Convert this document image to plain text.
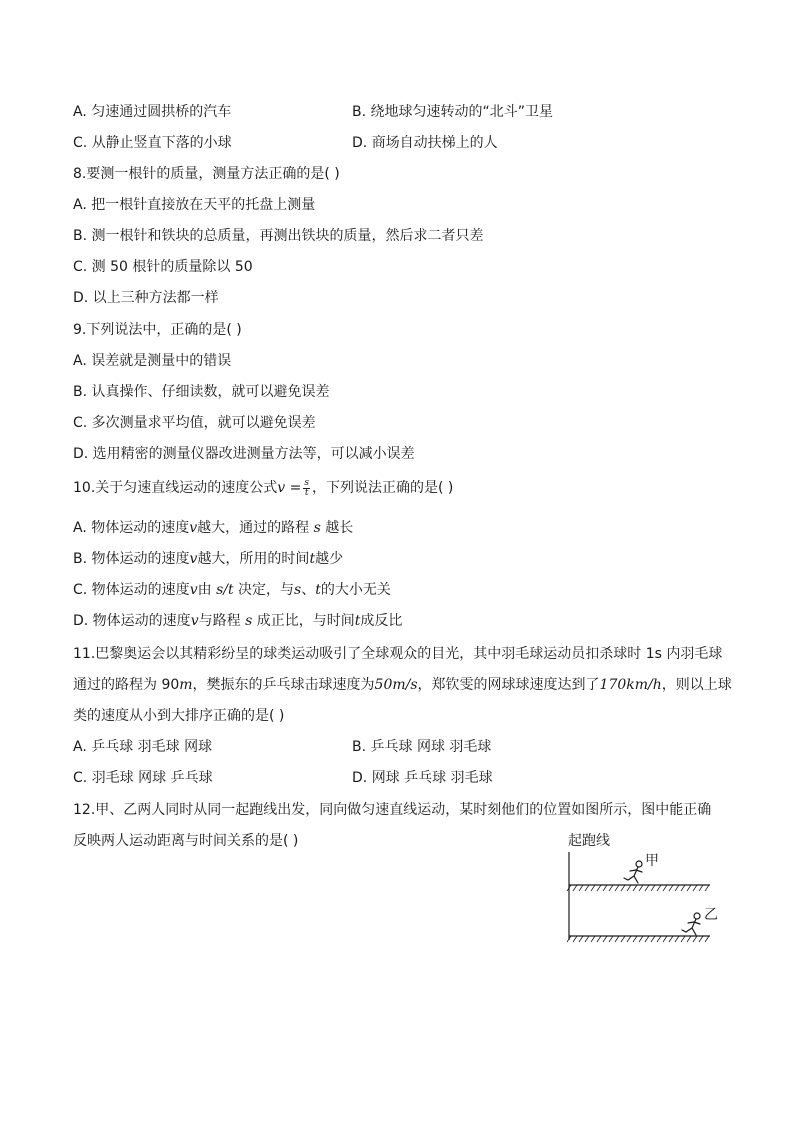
A. 匀速通过圆拱桥的汽车	B. 绕地球匀速转动的“北斗”卫星
C. 从静止竖直下落的小球	D. 商场自动扶梯上的人
8.要测一根针的质量，测量方法正确的是( )
A. 把一根针直接放在天平的托盘上测量
B. 测一根针和铁块的总质量，再测出铁块的质量，然后求二者只差
C. 测 50 根针的质量除以 50
D. 以上三种方法都一样
9.下列说法中，正确的是( )
A. 误差就是测量中的错误
B. 认真操作、仔细读数，就可以避免误差
C. 多次测量求平均值，就可以避免误差
D. 选用精密的测量仪器改进测量方法等，可以减小误差
10.关于匀速直线运动的速度公式$v = \frac{s}{t}$ ，下列说法正确的是( )
A. 物体运动的速度v越大，通过的路程 s 越长
B. 物体运动的速度v越大，所用的时间t越少
C. 物体运动的速度v由 s/t 决定，与s、t的大小无关
D. 物体运动的速度v与路程 s 成正比，与时间t成反比
11.巴黎奥运会以其精彩纷呈的球类运动吸引了全球观众的目光，其中羽毛球运动员扣杀球时 1s 内羽毛球
通过的路程为 90m，樊振东的乒乓球击球速度为50m/s，郑钦雯的网球球速度达到了170km/h，则以上球
类的速度从小到大排序正确的是( )
A. 乒乓球 羽毛球 网球	B. 乒乓球 网球 羽毛球
C. 羽毛球 网球 乒乓球	D. 网球 乒乓球 羽毛球
12.甲、乙两人同时从同一起跑线出发，同向做匀速直线运动，某时刻他们的位置如图所示，图中能正确
反映两人运动距离与时间关系的是( )	起跑线
甲
乙
